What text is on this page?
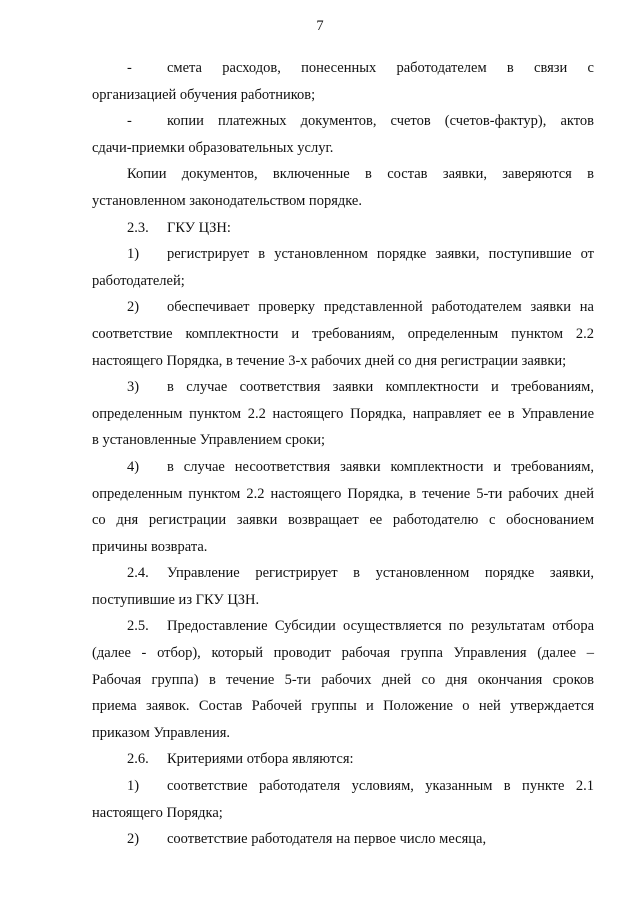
7
-	смета расходов, понесенных работодателем в связи с
организацией обучения работников;
-	копии платежных документов, счетов (счетов-фактур), актов
сдачи-приемки образовательных услуг.
Копии документов, включенные в состав заявки, заверяются в
установленном законодательством порядке.
2.3.	ГКУ ЦЗН:
1)	регистрирует в установленном порядке заявки, поступившие от
работодателей;
2)	обеспечивает проверку представленной работодателем заявки на
соответствие комплектности и требованиям, определенным пунктом 2.2
настоящего Порядка, в течение 3-х рабочих дней со дня регистрации заявки;
3)	в случае соответствия заявки комплектности и требованиям,
определенным пунктом 2.2 настоящего Порядка, направляет ее в Управление
в установленные Управлением сроки;
4)	в случае несоответствия заявки комплектности и требованиям,
определенным пунктом 2.2 настоящего Порядка, в течение 5-ти рабочих дней
со дня регистрации заявки возвращает ее работодателю с обоснованием
причины возврата.
2.4.	Управление регистрирует в установленном порядке заявки,
поступившие из ГКУ ЦЗН.
2.5.	Предоставление Субсидии осуществляется по результатам отбора
(далее - отбор), который проводит рабочая группа Управления (далее –
Рабочая группа) в течение 5-ти рабочих дней со дня окончания сроков
приема заявок. Состав Рабочей группы и Положение о ней утверждается
приказом Управления.
2.6.	Критериями отбора являются:
1)	соответствие работодателя условиям, указанным в пункте 2.1
настоящего Порядка;
2)	соответствие работодателя на первое число месяца,
